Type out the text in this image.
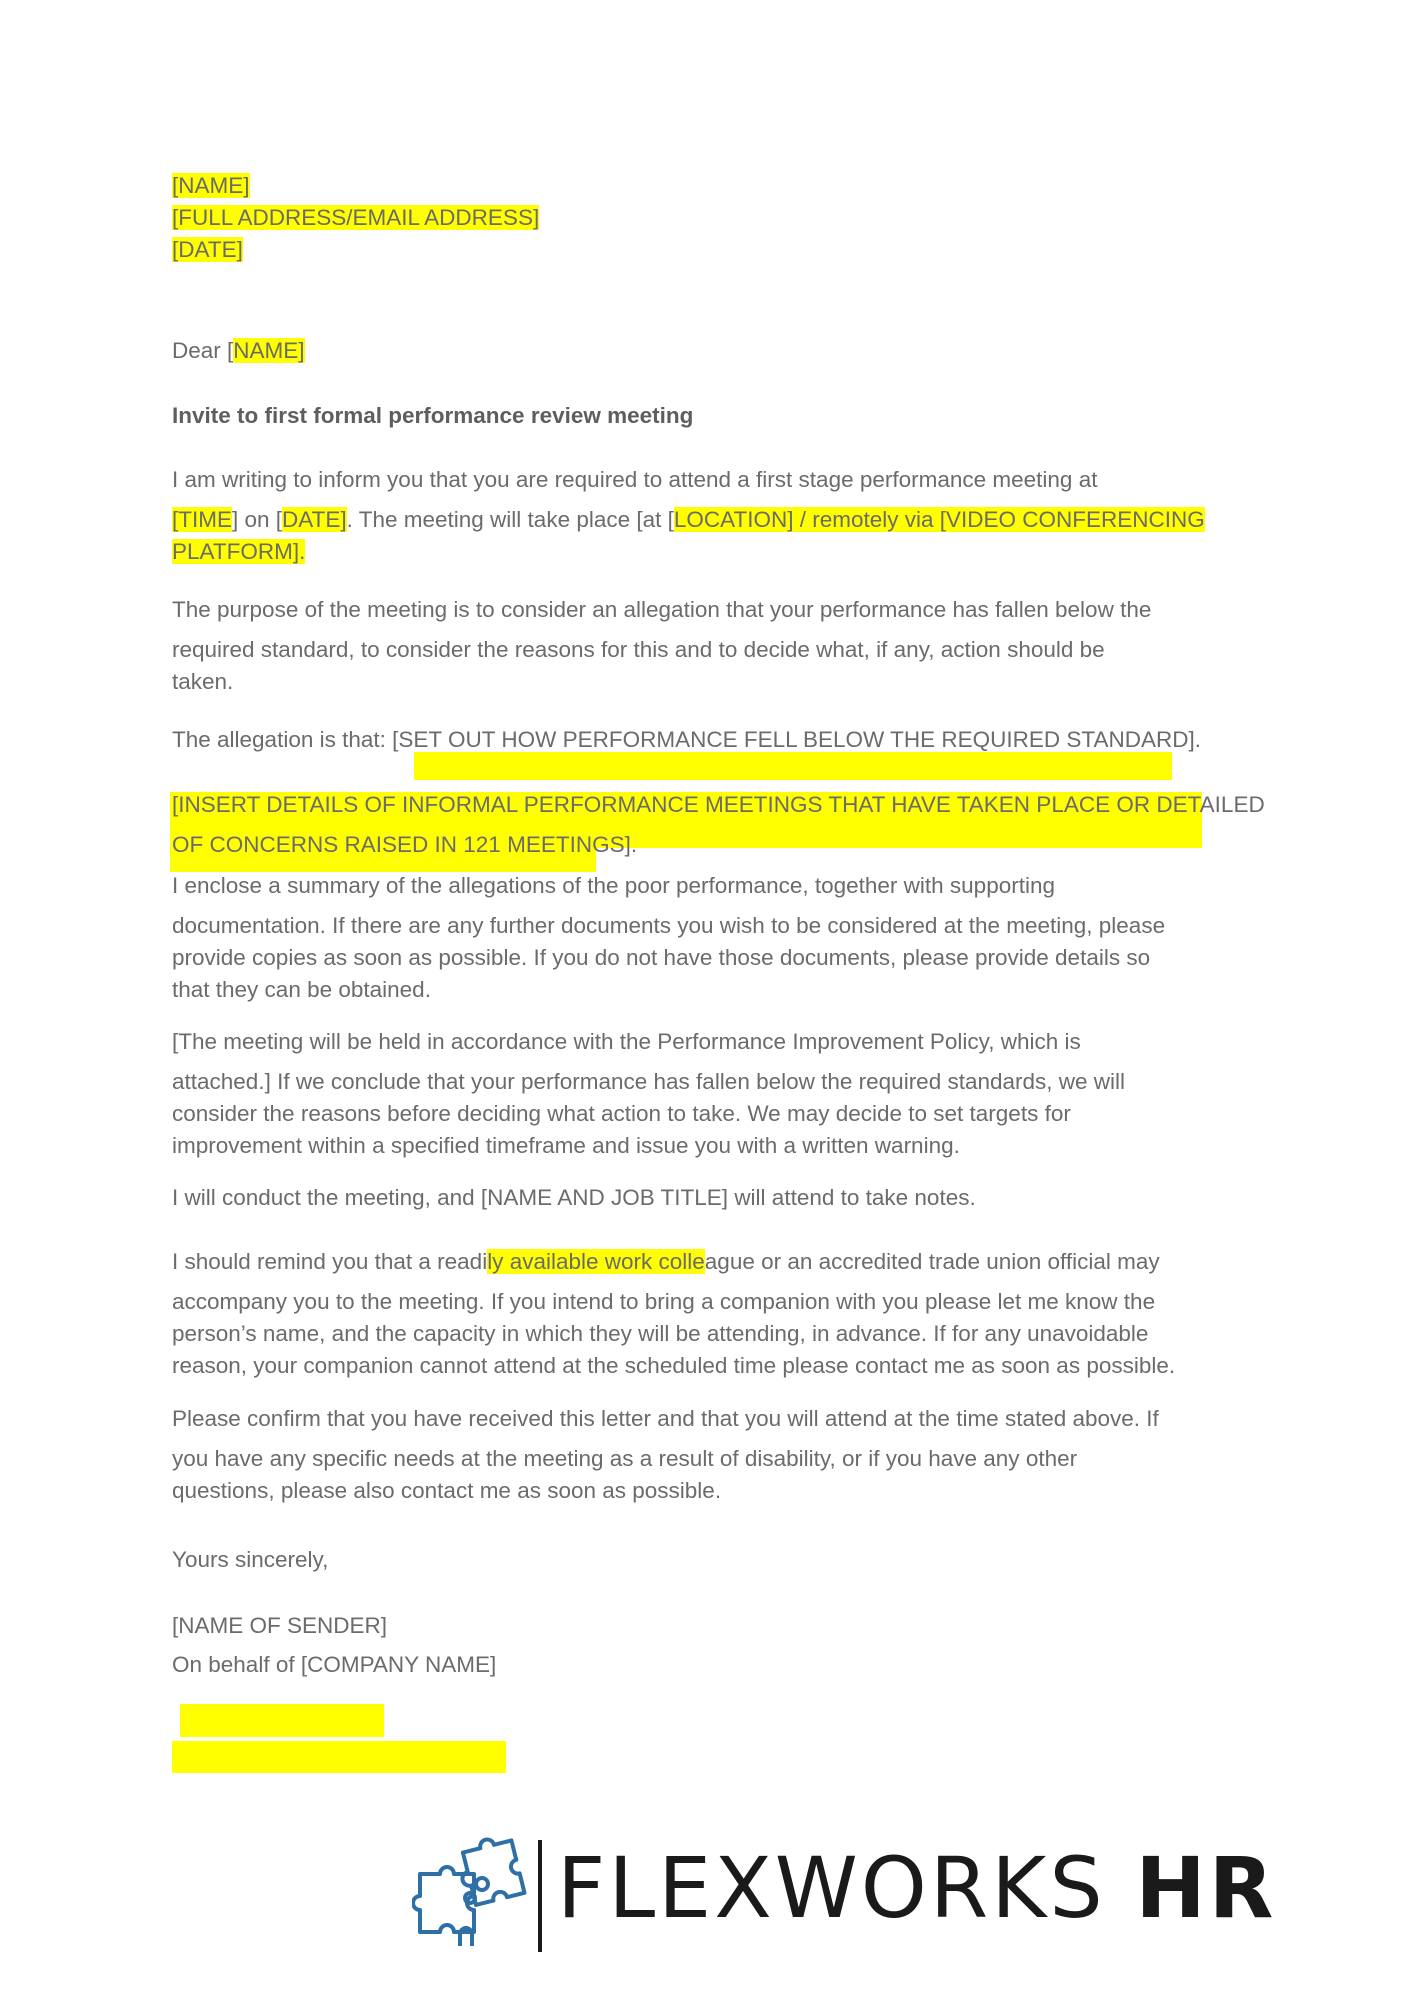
[NAME]
[FULL ADDRESS/EMAIL ADDRESS]
[DATE]
Dear [NAME]
Invite to first formal performance review meeting
I am writing to inform you that you are required to attend a first stage performance meeting at
[TIME] on [DATE]. The meeting will take place [at [LOCATION] / remotely via [VIDEO CONFERENCING
PLATFORM].
The purpose of the meeting is to consider an allegation that your performance has fallen below the
required standard, to consider the reasons for this and to decide what, if any, action should be
taken.
The allegation is that: [SET OUT HOW PERFORMANCE FELL BELOW THE REQUIRED STANDARD].
[INSERT DETAILS OF INFORMAL PERFORMANCE MEETINGS THAT HAVE TAKEN PLACE OR DETAILED
OF CONCERNS RAISED IN 121 MEETINGS].
I enclose a summary of the allegations of the poor performance, together with supporting
documentation. If there are any further documents you wish to be considered at the meeting, please
provide copies as soon as possible. If you do not have those documents, please provide details so
that they can be obtained.
[The meeting will be held in accordance with the Performance Improvement Policy, which is
attached.] If we conclude that your performance has fallen below the required standards, we will
consider the reasons before deciding what action to take. We may decide to set targets for
improvement within a specified timeframe and issue you with a written warning.
I will conduct the meeting, and [NAME AND JOB TITLE] will attend to take notes.
I should remind you that a readily available work colleague or an accredited trade union official may
accompany you to the meeting. If you intend to bring a companion with you please let me know the
person’s name, and the capacity in which they will be attending, in advance. If for any unavoidable
reason, your companion cannot attend at the scheduled time please contact me as soon as possible.
Please confirm that you have received this letter and that you will attend at the time stated above. If
you have any specific needs at the meeting as a result of disability, or if you have any other
questions, please also contact me as soon as possible.
Yours sincerely,
[NAME OF SENDER]
On behalf of [COMPANY NAME]
FLEXWORKS HR
